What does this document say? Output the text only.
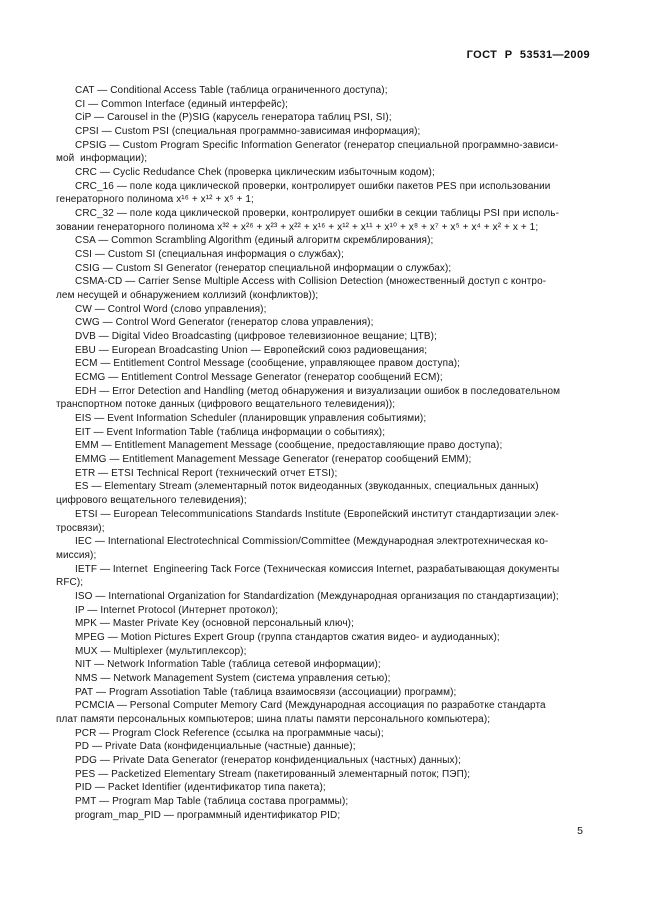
ГОСТ Р 53531—2009
CAT — Conditional Access Table (таблица ограниченного доступа);
CI — Common Interface (единый интерфейс);
CiP — Carousel in the (P)SIG (карусель генератора таблиц PSI, SI);
CPSI — Custom PSI (специальная программно-зависимая информация);
CPSIG — Custom Program Specific Information Generator (генератор специальной программно-зависи-
мой  информации);
CRC — Cyclic Redudance Chek (проверка циклическим избыточным кодом);
CRC_16 — поле кода циклической проверки, контролирует ошибки пакетов PES при использовании
генераторного полинома x¹⁶ + x¹² + x⁵ + 1;
CRC_32 — поле кода циклической проверки, контролирует ошибки в секции таблицы PSI при исполь-
зовании генераторного полинома x³² + x²⁶ + x²³ + x²² + x¹⁶ + x¹² + x¹¹ + x¹⁰ + x⁸ + x⁷ + x⁵ + x⁴ + x² + x + 1;
CSA — Common Scrambling Algorithm (единый алгоритм скремблирования);
CSI — Custom SI (специальная информация о службах);
CSIG — Custom SI Generator (генератор специальной информации о службах);
CSMA-CD — Carrier Sense Multiple Access with Collision Detection (множественный доступ с контро-
лем несущей и обнаружением коллизий (конфликтов));
CW — Control Word (слово управления);
CWG — Control Word Generator (генератор слова управления);
DVB — Digital Video Broadcasting (цифровое телевизионное вещание; ЦТВ);
EBU — European Broadcasting Union — Европейский союз радиовещания;
ECM — Entitlement Control Message (сообщение, управляющее правом доступа);
ECMG — Entitlement Control Message Generator (генератор сообщений ECM);
EDH — Error Detection and Handling (метод обнаружения и визуализации ошибок в последовательном
транспортном потоке данных (цифрового вещательного телевидения));
EIS — Event Information Scheduler (планировщик управления событиями);
EIT — Event Information Table (таблица информации о событиях);
EMM — Entitlement Management Message (сообщение, предоставляющие право доступа);
EMMG — Entitlement Management Message Generator (генератор сообщений EMM);
ETR — ETSI Technical Report (технический отчет ETSI);
ES — Elementary Stream (элементарный поток видеоданных (звукоданных, специальных данных)
цифрового вещательного телевидения);
ETSI — European Telecommunications Standards Institute (Европейский институт стандартизации элек-
тросвязи);
IEC — International Electrotechnical Commission/Committee (Международная электротехническая ко-
миссия);
IETF — Internet  Engineering Tack Force (Техническая комиссия Internet, разрабатывающая документы
RFC);
ISO — International Organization for Standardization (Международная организация по стандартизации);
IP — Internet Protocol (Интернет протокол);
MPK — Master Private Key (основной персональный ключ);
MPEG — Motion Pictures Expert Group (группа стандартов сжатия видео- и аудиоданных);
MUX — Multiplexer (мультиплексор);
NIT — Network Information Table (таблица сетевой информации);
NMS — Network Management System (система управления сетью);
PAT — Program Assotiation Table (таблица взаимосвязи (ассоциации) программ);
PCMCIA — Personal Computer Memory Card (Международная ассоциация по разработке стандарта
плат памяти персональных компьютеров; шина платы памяти персонального компьютера);
PCR — Program Clock Reference (ссылка на программные часы);
PD — Private Data (конфиденциальные (частные) данные);
PDG — Private Data Generator (генератор конфиденциальных (частных) данных);
PES — Packetized Elementary Stream (пакетированный элементарный поток; ПЭП);
PID — Packet Identifier (идентификатор типа пакета);
PMT — Program Map Table (таблица состава программы);
program_map_PID — программный идентификатор PID;
5
